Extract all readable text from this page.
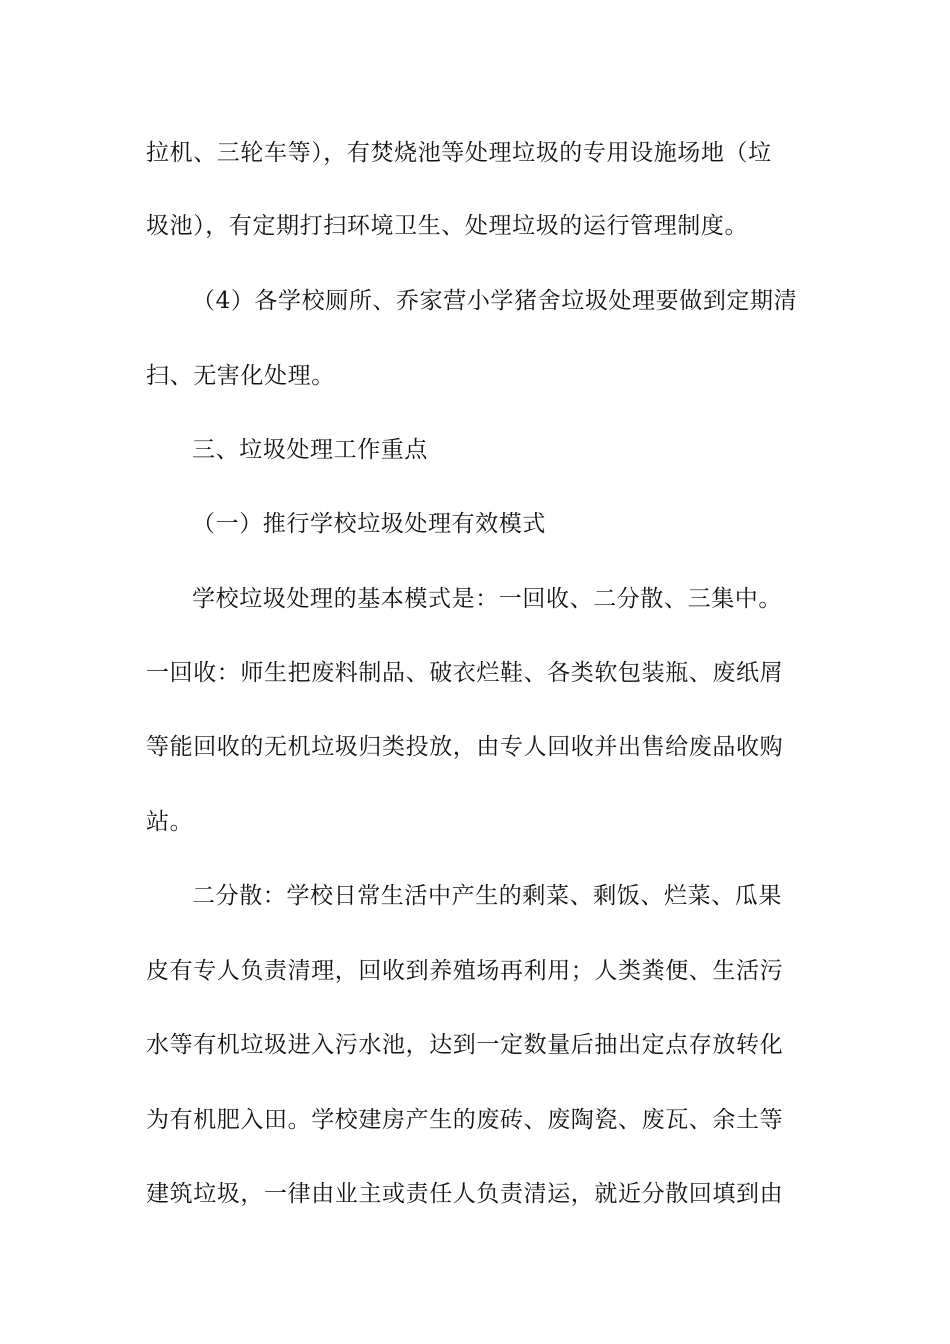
拉机、三轮车等），有焚烧池等处理垃圾的专用设施场地（垃
圾池），有定期打扫环境卫生、处理垃圾的运行管理制度。
（4）各学校厕所、乔家营小学猪舍垃圾处理要做到定期清
扫、无害化处理。
三、垃圾处理工作重点
（一）推行学校垃圾处理有效模式
学校垃圾处理的基本模式是：一回收、二分散、三集中。
一回收：师生把废料制品、破衣烂鞋、各类软包装瓶、废纸屑
等能回收的无机垃圾归类投放，由专人回收并出售给废品收购
站。
二分散：学校日常生活中产生的剩菜、剩饭、烂菜、瓜果
皮有专人负责清理，回收到养殖场再利用；人类粪便、生活污
水等有机垃圾进入污水池，达到一定数量后抽出定点存放转化
为有机肥入田。学校建房产生的废砖、废陶瓷、废瓦、余土等
建筑垃圾，一律由业主或责任人负责清运，就近分散回填到由
